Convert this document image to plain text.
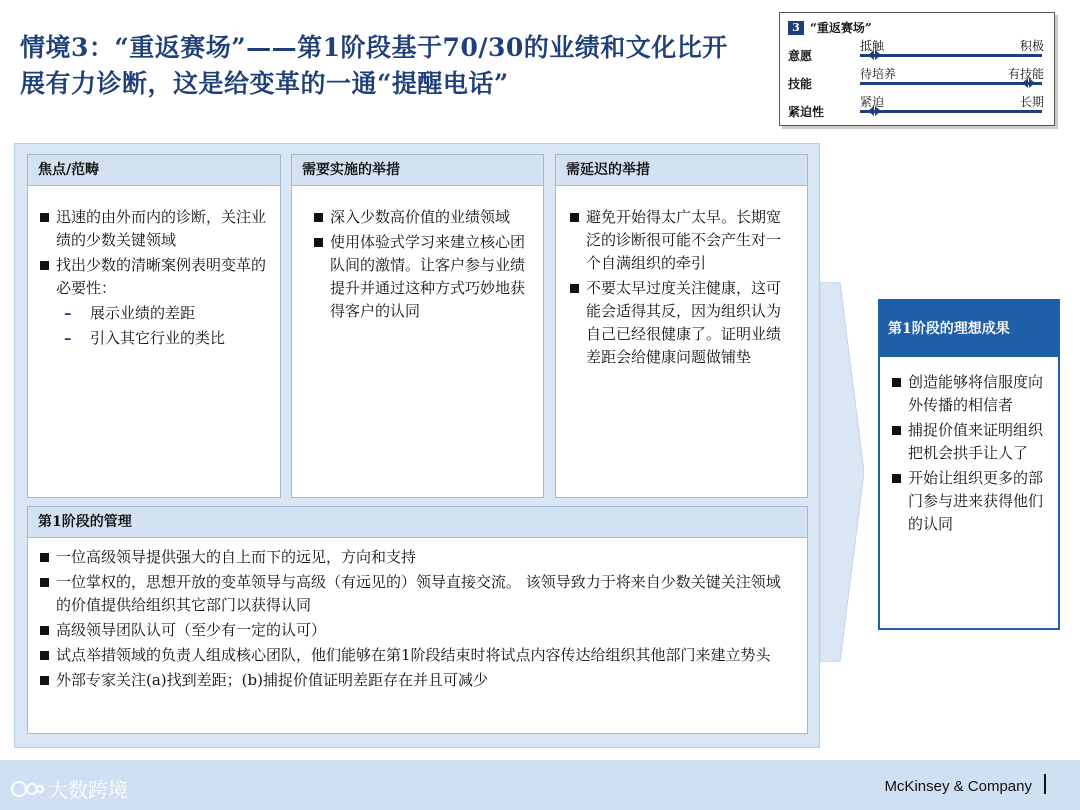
情境3：“重返赛场”——第1阶段基于70/30的业绩和文化比开展有力诊断，这是给变革的一通“提醒电话”
3 “重返赛场”
意愿
抵触	积极
技能
待培养	有技能
紧迫性
紧迫	长期
焦点/范畴
迅速的由外而内的诊断，关注业绩的少数关键领域
找出少数的清晰案例表明变革的必要性：
– 展示业绩的差距
– 引入其它行业的类比
需要实施的举措
深入少数高价值的业绩领域
使用体验式学习来建立核心团队间的激情。让客户参与业绩提升并通过这种方式巧妙地获得客户的认同
需延迟的举措
避免开始得太广太早。长期宽泛的诊断很可能不会产生对一个自满组织的牵引
不要太早过度关注健康，这可能会适得其反，因为组织认为自己已经很健康了。证明业绩差距会给健康问题做铺垫
第1阶段的管理
一位高级领导提供强大的自上而下的远见，方向和支持
一位掌权的，思想开放的变革领导与高级（有远见的）领导直接交流。 该领导致力于将来自少数关键关注领域的价值提供给组织其它部门以获得认同
高级领导团队认可（至少有一定的认可）
试点举措领域的负责人组成核心团队，他们能够在第1阶段结束时将试点内容传达给组织其他部门来建立势头
外部专家关注(a)找到差距；(b)捕捉价值证明差距存在并且可减少
第1阶段的理想成果
创造能够将信服度向外传播的相信者
捕捉价值来证明组织把机会拱手让人了
开始让组织更多的部门参与进来获得他们的认同
大数跨境	McKinsey & Company
